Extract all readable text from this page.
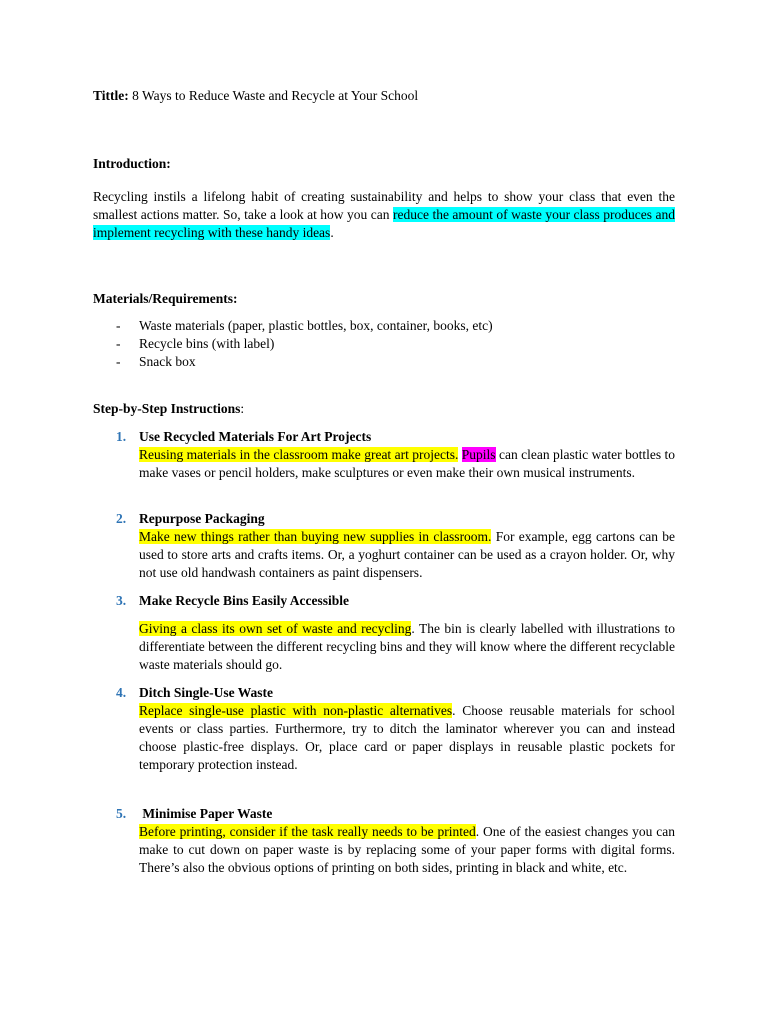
Tittle: 8 Ways to Reduce Waste and Recycle at Your School
Introduction:
Recycling instils a lifelong habit of creating sustainability and helps to show your class that even the smallest actions matter. So, take a look at how you can reduce the amount of waste your class produces and implement recycling with these handy ideas.
Materials/Requirements:
- Waste materials (paper, plastic bottles, box, container, books, etc)
- Recycle bins (with label)
- Snack box
Step-by-Step Instructions:
1. Use Recycled Materials For Art Projects
Reusing materials in the classroom make great art projects. Pupils can clean plastic water bottles to make vases or pencil holders, make sculptures or even make their own musical instruments.
2. Repurpose Packaging
Make new things rather than buying new supplies in classroom. For example, egg cartons can be used to store arts and crafts items. Or, a yoghurt container can be used as a crayon holder. Or, why not use old handwash containers as paint dispensers.
3. Make Recycle Bins Easily Accessible
Giving a class its own set of waste and recycling. The bin is clearly labelled with illustrations to differentiate between the different recycling bins and they will know where the different recyclable waste materials should go.
4. Ditch Single-Use Waste
Replace single-use plastic with non-plastic alternatives. Choose reusable materials for school events or class parties. Furthermore, try to ditch the laminator wherever you can and instead choose plastic-free displays. Or, place card or paper displays in reusable plastic pockets for temporary protection instead.
5. Minimise Paper Waste
Before printing, consider if the task really needs to be printed. One of the easiest changes you can make to cut down on paper waste is by replacing some of your paper forms with digital forms. There’s also the obvious options of printing on both sides, printing in black and white, etc.
